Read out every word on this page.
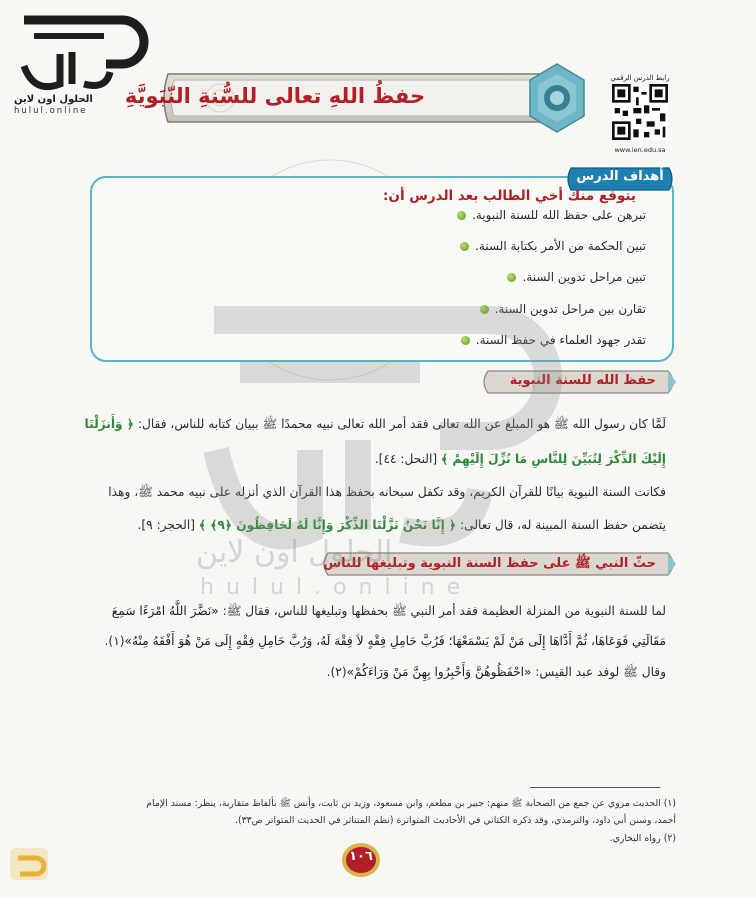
الحلول اون لاين
hulul.online
رابط الدرس الرقمي
www.ien.edu.sa
حفظُ اللهِ تعالى للسُّنةِ النّبَويَّةِ
أهداف الدرس
يتوقع منك أخي الطالب بعد الدرس أن:
تبرهن على حفظ الله للسنة النبوية.
تبين الحكمة من الأمر بكتابة السنة.
تبين مراحل تدوين السنة.
تقارن بين مراحل تدوين السنة.
تقدر جهود العلماء في حفظ السنة.
حفظ الله للسنة النبوية
لَمَّا كان رسول الله ﷺ هو المبلغ عن الله تعالى فقد أمر الله تعالى نبيه محمدًا ﷺ ببيان كتابه للناس، فقال: ﴿ وَأَنزَلْنَا
إِلَيْكَ الذِّكْرَ لِتُبَيِّنَ لِلنَّاسِ مَا نُزِّلَ إِلَيْهِمْ ﴾ [النحل: ٤٤].
فكانت السنة النبوية بيانًا للقرآن الكريم، وقد تكفل سبحانه بحفظ هذا القرآن الذي أنزله على نبيه محمد ﷺ، وهذا
يتضمن حفظ السنة المبينة له، قال تعالى: ﴿ إِنَّا نَحْنُ نَزَّلْنَا الذِّكْرَ وَإِنَّا لَهُ لَحَافِظُونَ ﴿٩﴾ ﴾ [الحجر: ٩].
حثّ النبي ﷺ على حفظ السنة النبوية وتبليغها للناس
لما للسنة النبوية من المنزلة العظيمة فقد أمر النبي ﷺ بحفظها وتبليغها للناس، فقال ﷺ: «نَضَّرَ اللَّهُ امْرَءًا سَمِعَ
مَقَالَتِي فَوَعَاهَا، ثُمَّ أَدَّاهَا إِلَى مَنْ لَمْ يَسْمَعْهَا؛ فَرُبَّ حَامِلِ فِقْهٍ لاَ فِقْهَ لَهُ، وَرُبَّ حَامِلِ فِقْهٍ إِلَى مَنْ هُوَ أَفْقَهُ مِنْهُ»(١).
وقال ﷺ لوفد عبد القيس: «احْفَظُوهُنَّ وَأَخْبِرُوا بِهِنَّ مَنْ وَرَاءَكُمْ»(٢).
الحلول اون لاين
hulul.online
(١) الحديث مروي عن جمع من الصحابة ﷺ منهم: جبير بن مطعم، وابن مسعود، وزيد بن ثابت، وأنس ﷺ بألفاظ متقاربة، ينظر: مسند الإمام
أحمد، وسنن أبي داود، والترمذي، وقد ذكره الكتاني في الأحاديث المتواترة (نظم المتناثر في الحديث المتواتر ص٣٣).
(٢) رواه البخاري.
١٠٦
